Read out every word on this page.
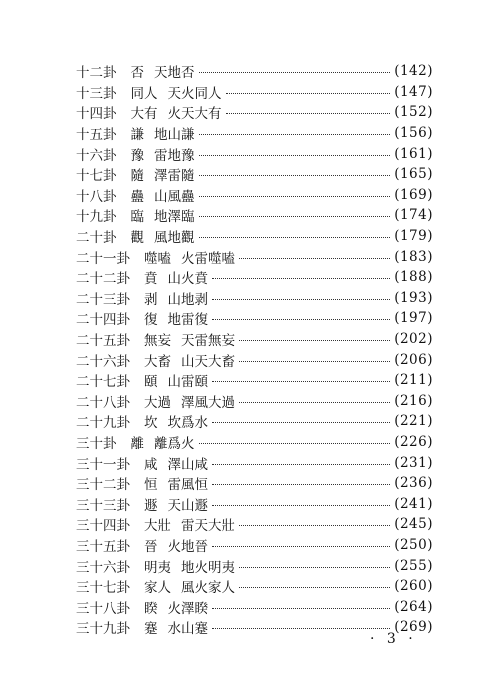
十二卦 否 天地否	(142)
十三卦 同人 天火同人	(147)
十四卦 大有 火天大有	(152)
十五卦 謙 地山謙	(156)
十六卦 豫 雷地豫	(161)
十七卦 隨 澤雷隨	(165)
十八卦 蠱 山風蠱	(169)
十九卦 臨 地澤臨	(174)
二十卦 觀 風地觀	(179)
二十一卦 噬嗑 火雷噬嗑	(183)
二十二卦 賁 山火賁	(188)
二十三卦 剥 山地剥	(193)
二十四卦 復 地雷復	(197)
二十五卦 無妄 天雷無妄	(202)
二十六卦 大畜 山天大畜	(206)
二十七卦 頤 山雷頤	(211)
二十八卦 大過 澤風大過	(216)
二十九卦 坎 坎爲水	(221)
三十卦 離 離爲火	(226)
三十一卦 咸 澤山咸	(231)
三十二卦 恒 雷風恒	(236)
三十三卦 遯 天山遯	(241)
三十四卦 大壯 雷天大壯	(245)
三十五卦 晉 火地晉	(250)
三十六卦 明夷 地火明夷	(255)
三十七卦 家人 風火家人	(260)
三十八卦 睽 火澤睽	(264)
三十九卦 蹇 水山蹇	(269)
· 3 ·
